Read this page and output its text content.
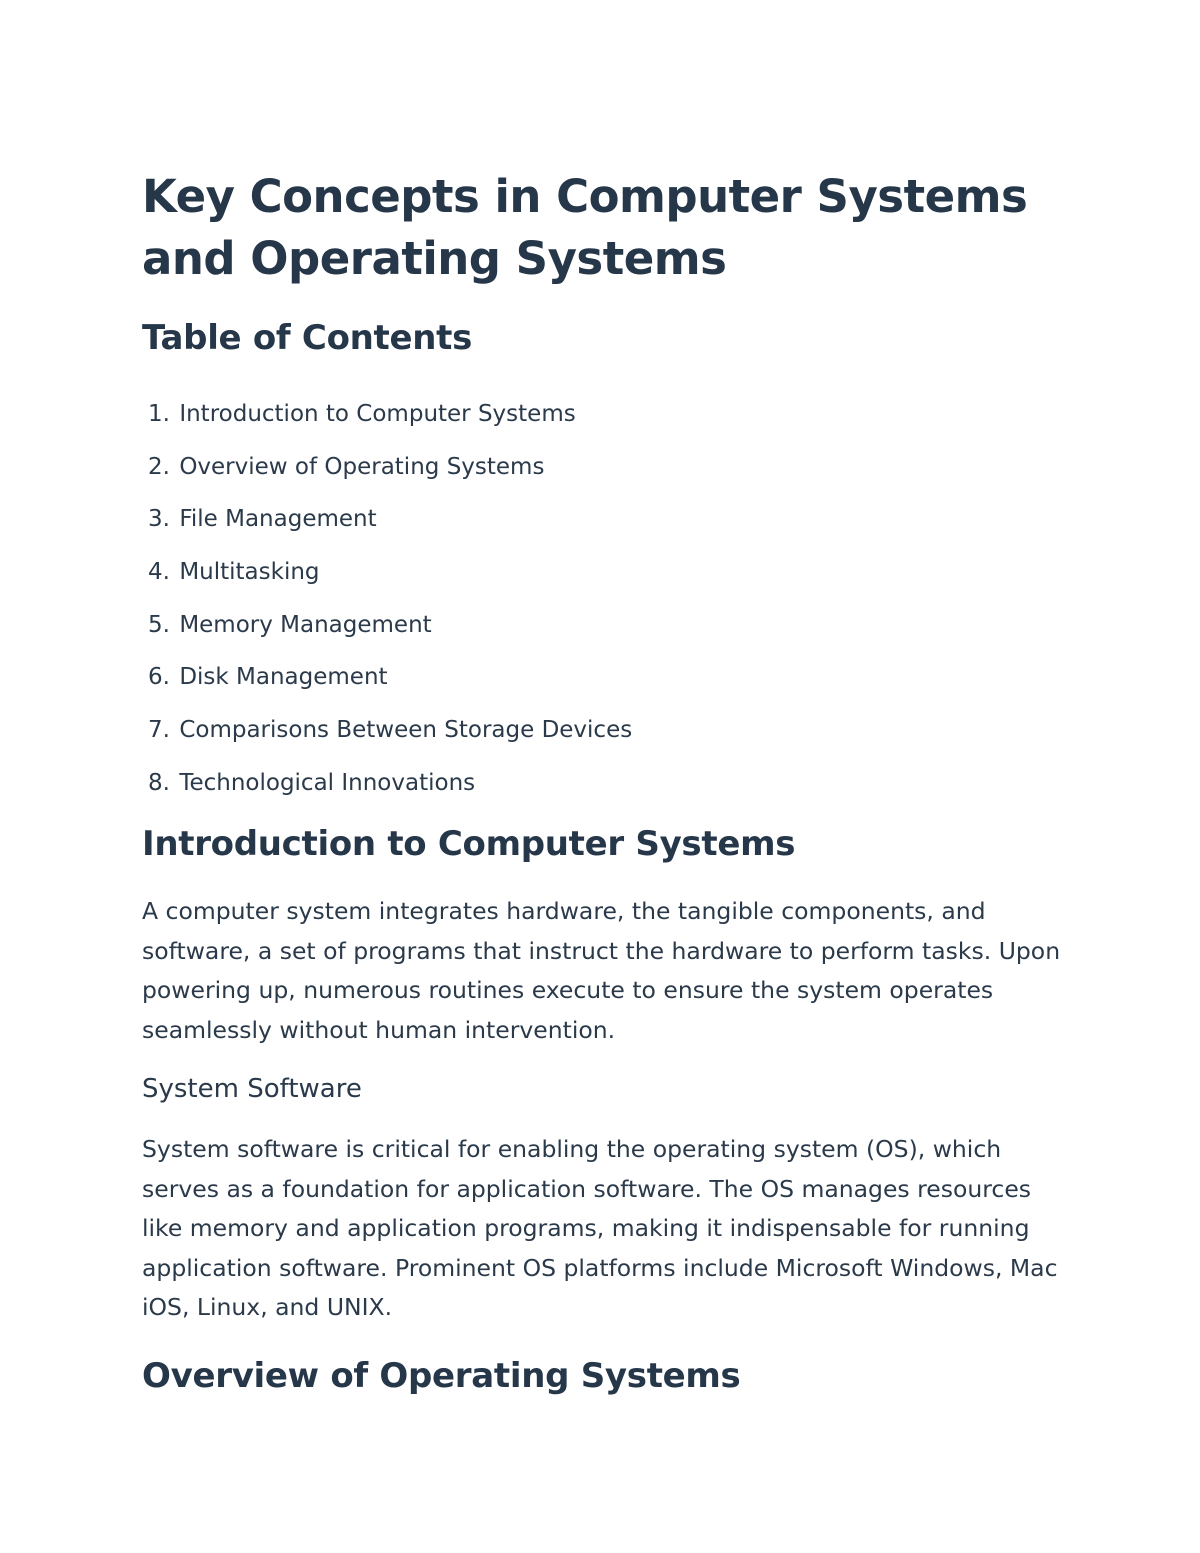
Key Concepts in Computer Systems and Operating Systems
Table of Contents
1. Introduction to Computer Systems
2. Overview of Operating Systems
3. File Management
4. Multitasking
5. Memory Management
6. Disk Management
7. Comparisons Between Storage Devices
8. Technological Innovations
Introduction to Computer Systems

A computer system integrates hardware, the tangible components, and software, a set of programs that instruct the hardware to perform tasks. Upon powering up, numerous routines execute to ensure the system operates seamlessly without human intervention.

System Software

System software is critical for enabling the operating system (OS), which serves as a foundation for application software. The OS manages resources like memory and application programs, making it indispensable for running application software. Prominent OS platforms include Microsoft Windows, Mac iOS, Linux, and UNIX.

Overview of Operating Systems
